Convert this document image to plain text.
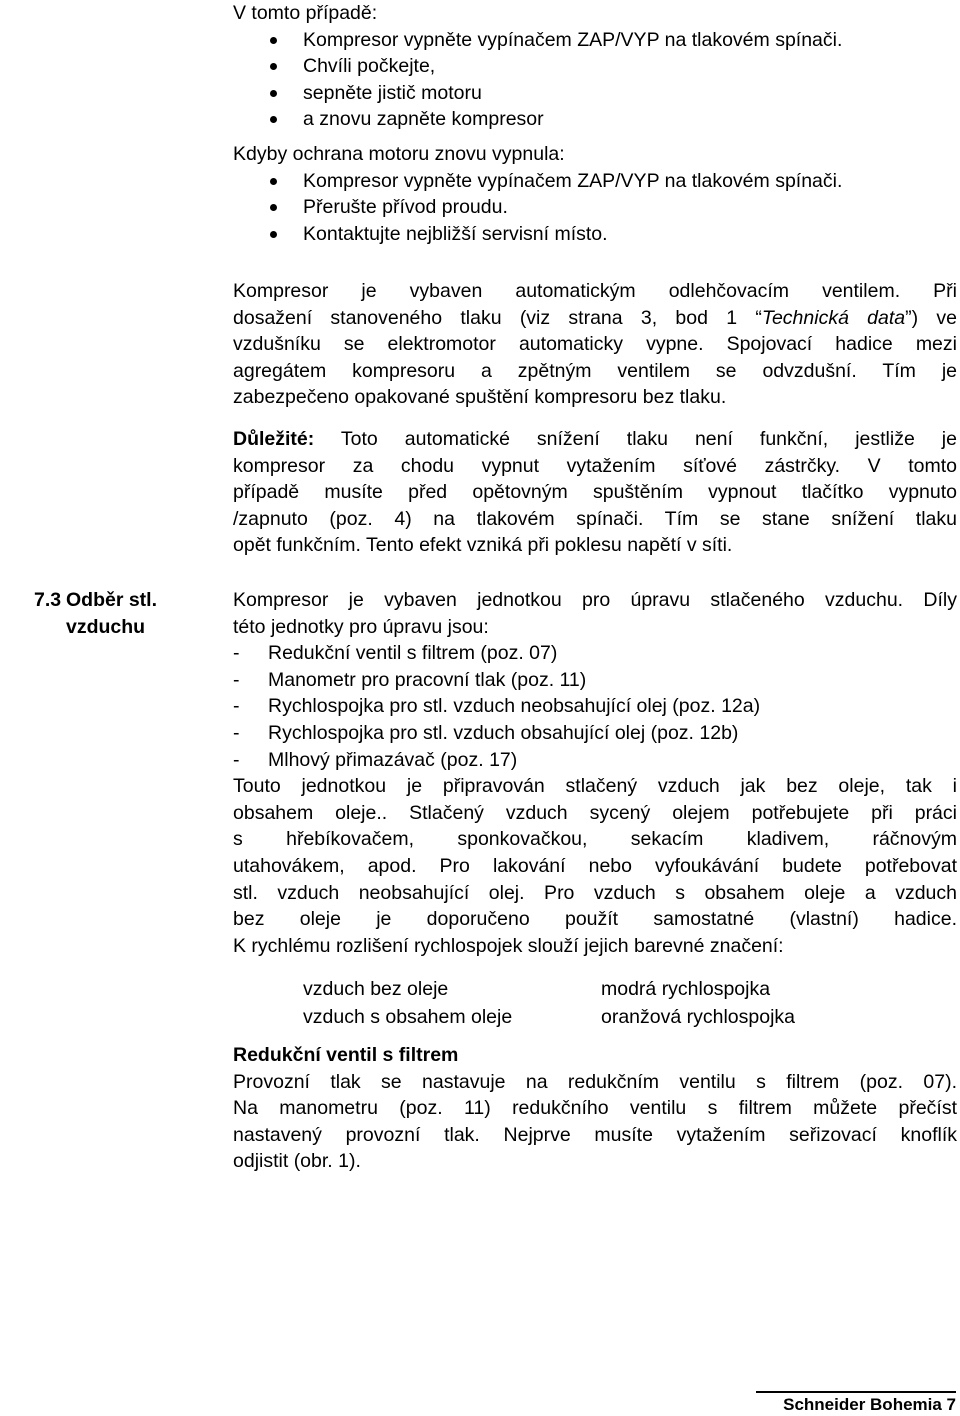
V tomto případě:
Kompresor vypněte vypínačem ZAP/VYP na tlakovém spínači.
Chvíli počkejte,
sepněte jistič motoru
a znovu zapněte kompresor
Kdyby ochrana motoru znovu vypnula:
Kompresor vypněte vypínačem ZAP/VYP na tlakovém spínači.
Přerušte přívod proudu.
Kontaktujte nejbližší servisní místo.
Kompresor je vybaven automatickým odlehčovacím ventilem. Při
dosažení stanoveného tlaku (viz strana 3, bod 1 “Technická data”) ve
vzdušníku se elektromotor automaticky vypne. Spojovací hadice mezi
agregátem kompresoru a zpětným ventilem se odvzdušní. Tím je
zabezpečeno opakované spuštění kompresoru bez tlaku.
Důležité: Toto automatické snížení tlaku není funkční, jestliže je
kompresor za chodu vypnut vytažením síťové zástrčky. V tomto
případě musíte před opětovným spuštěním vypnout tlačítko vypnuto
/zapnuto (poz. 4) na tlakovém spínači. Tím se stane snížení tlaku
opět funkčním. Tento efekt vzniká při poklesu napětí v síti.
7.3 Odběr stl.
vzduchu
Kompresor je vybaven jednotkou pro úpravu stlačeného vzduchu. Díly
této jednotky pro úpravu jsou:
- Redukční ventil s filtrem (poz. 07)
- Manometr pro pracovní tlak (poz. 11)
- Rychlospojka pro stl. vzduch neobsahující olej (poz. 12a)
- Rychlospojka pro stl. vzduch obsahující olej (poz. 12b)
- Mlhový přimazávač (poz. 17)
Touto jednotkou je připravován stlačený vzduch jak bez oleje, tak i
obsahem oleje.. Stlačený vzduch sycený olejem potřebujete při práci
s hřebíkovačem, sponkovačkou, sekacím kladivem, ráčnovým
utahovákem, apod. Pro lakování nebo vyfoukávání budete potřebovat
stl. vzduch neobsahující olej. Pro vzduch s obsahem oleje a vzduch
bez oleje je doporučeno použít samostatné (vlastní) hadice.
K rychlému rozlišení rychlospojek slouží jejich barevné značení:
vzduch bez oleje	modrá rychlospojka
vzduch s obsahem oleje	oranžová rychlospojka
Redukční ventil s filtrem
Provozní tlak se nastavuje na redukčním ventilu s filtrem (poz. 07).
Na manometru (poz. 11) redukčního ventilu s filtrem můžete přečíst
nastavený provozní tlak. Nejprve musíte vytažením seřizovací knoflík
odjistit (obr. 1).
Schneider Bohemia 7
